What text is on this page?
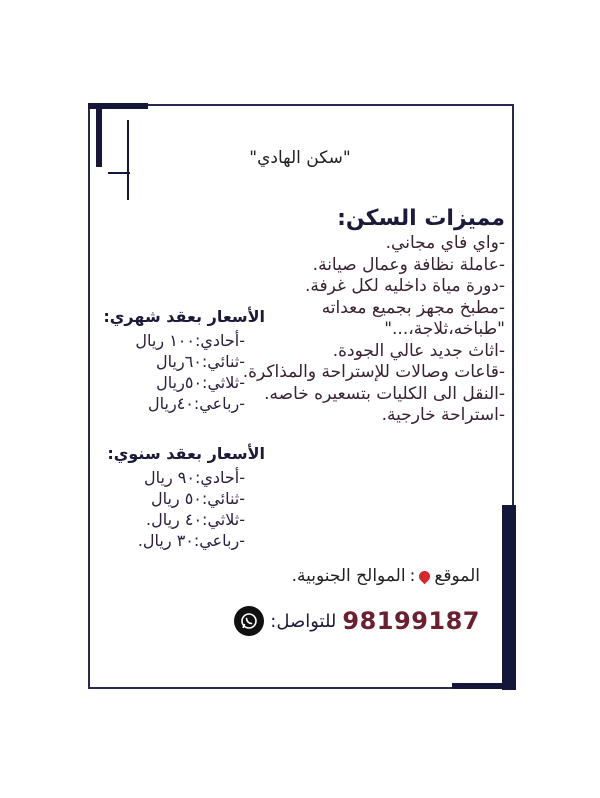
"سكن الهادي"
مميزات السكن:
-واي فاي مجاني.
-عاملة نظافة وعمال صيانة.
-دورة مياة داخليه لكل غرفة.
-مطبخ مجهز بجميع معداته "طباخه،ثلاجة،..."
-اثاث جديد عالي الجودة.
-قاعات وصالات للإستراحة والمذاكرة.
-النقل الى الكليات بتسعيره خاصه.
-استراحة خارجية.
الأسعار بعقد شهري:
-أحادي:١٠٠ ريال
-ثنائي:٦٠ريال
-ثلاثي:٥٠ريال
-رباعي:٤٠ريال
الأسعار بعقد سنوي:
-أحادي:٩٠ ريال
-ثنائي:٥٠ ريال
-ثلاثي:٤٠ ريال.
-رباعي:٣٠ ريال.
الموقع
:
الموالح الجنوبية.
98199187
للتواصل:
